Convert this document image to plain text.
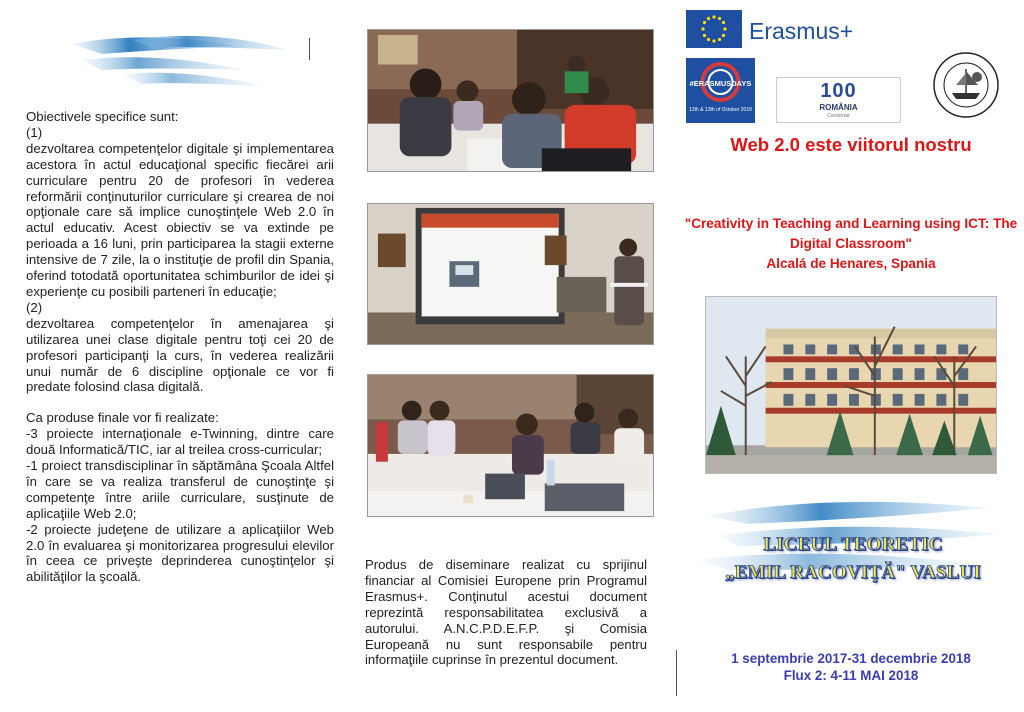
Obiectivele specifice sunt:

(1)

dezvoltarea competenţelor digitale şi implementarea acestora în actul educaţional specific fiecărei arii curriculare pentru 20 de profesori în vederea reformării conţinuturilor curriculare şi crearea de noi opţionale care să implice cunoştinţele Web 2.0 în actul educativ. Acest obiectiv se va extinde pe perioada a 16 luni, prin participarea la stagii externe intensive de 7 zile, la o instituţie de profil din Spania, oferind totodată oportunitatea schimburilor de idei şi experienţe cu posibili parteneri în educaţie;

(2)

dezvoltarea competenţelor în amenajarea şi utilizarea unei clase digitale pentru toţi cei 20 de profesori participanţi la curs, în vederea realizării unui număr de 6 discipline opţionale ce vor fi predate folosind clasa digitală.

Ca produse finale vor fi realizate:

-3 proiecte internaţionale e-Twinning, dintre care două Informatică/TIC, iar al treilea cross-curricular;

-1 proiect transdisciplinar în săptămâna Şcoala Altfel în care se va realiza transferul de cunoştinţe şi competenţe între ariile curriculare, susţinute de aplicaţiile Web 2.0;

-2 proiecte judeţene de utilizare a aplicaţiilor Web 2.0 în evaluarea şi monitorizarea progresului elevilor în ceea ce priveşte deprinderea cunoştinţelor şi abilităţilor la şcoală.

Produs de diseminare realizat cu sprijinul financiar al Comisiei Europene prin Programul Erasmus+. Conţinutul acestui document reprezintă responsabilitatea exclusivă a autorului. A.N.C.P.D.E.F.P. şi Comisia Europeană nu sunt responsabile pentru informaţiile cuprinse în prezentul document.

Erasmus+
#ERASMUSDAYS
12th & 13th of October 2018
100
ROMÂNIA
Centenar
Web 2.0 este viitorul nostru
"Creativity in Teaching and Learning using ICT: The Digital Classroom"
Alcalá de Henares, Spania
LICEUL TEORETIC
„EMIL RACOVIŢĂ" VASLUI
1 septembrie 2017-31 decembrie 2018
Flux 2: 4-11 MAI 2018
